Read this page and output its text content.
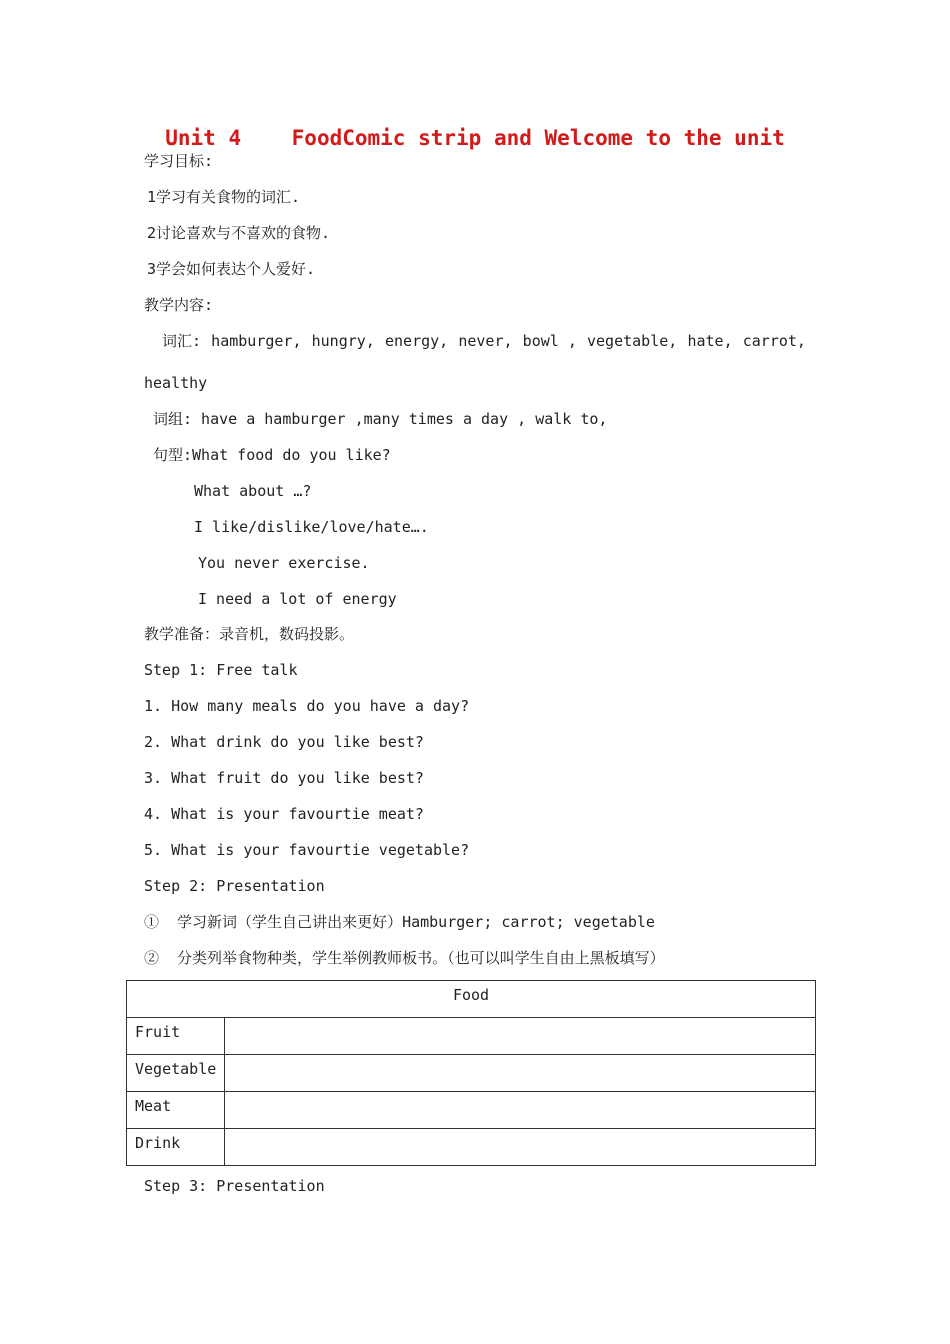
Unit 4    FoodComic strip and Welcome to the unit
学习目标:
1学习有关食物的词汇.
2讨论喜欢与不喜欢的食物.
3学会如何表达个人爱好.
教学内容:
词汇: hamburger, hungry, energy, never, bowl , vegetable, hate, carrot,
healthy
词组: have a hamburger ,many times a day , walk to,
句型:What food do you like?
What about …?
I like/dislike/love/hate….
You never exercise.
I need a lot of energy
教学准备：录音机，数码投影。
Step 1: Free talk
1. How many meals do you have a day?
2. What drink do you like best?
3. What fruit do you like best?
4. What is your favourtie meat?
5. What is your favourtie vegetable?
Step 2: Presentation
①  学习新词（学生自己讲出来更好）Hamburger; carrot; vegetable
②  分类列举食物种类，学生举例教师板书。（也可以叫学生自由上黑板填写）
Food	
Fruit	
Vegetable	
Meat	
Drink	
Step 3: Presentation
